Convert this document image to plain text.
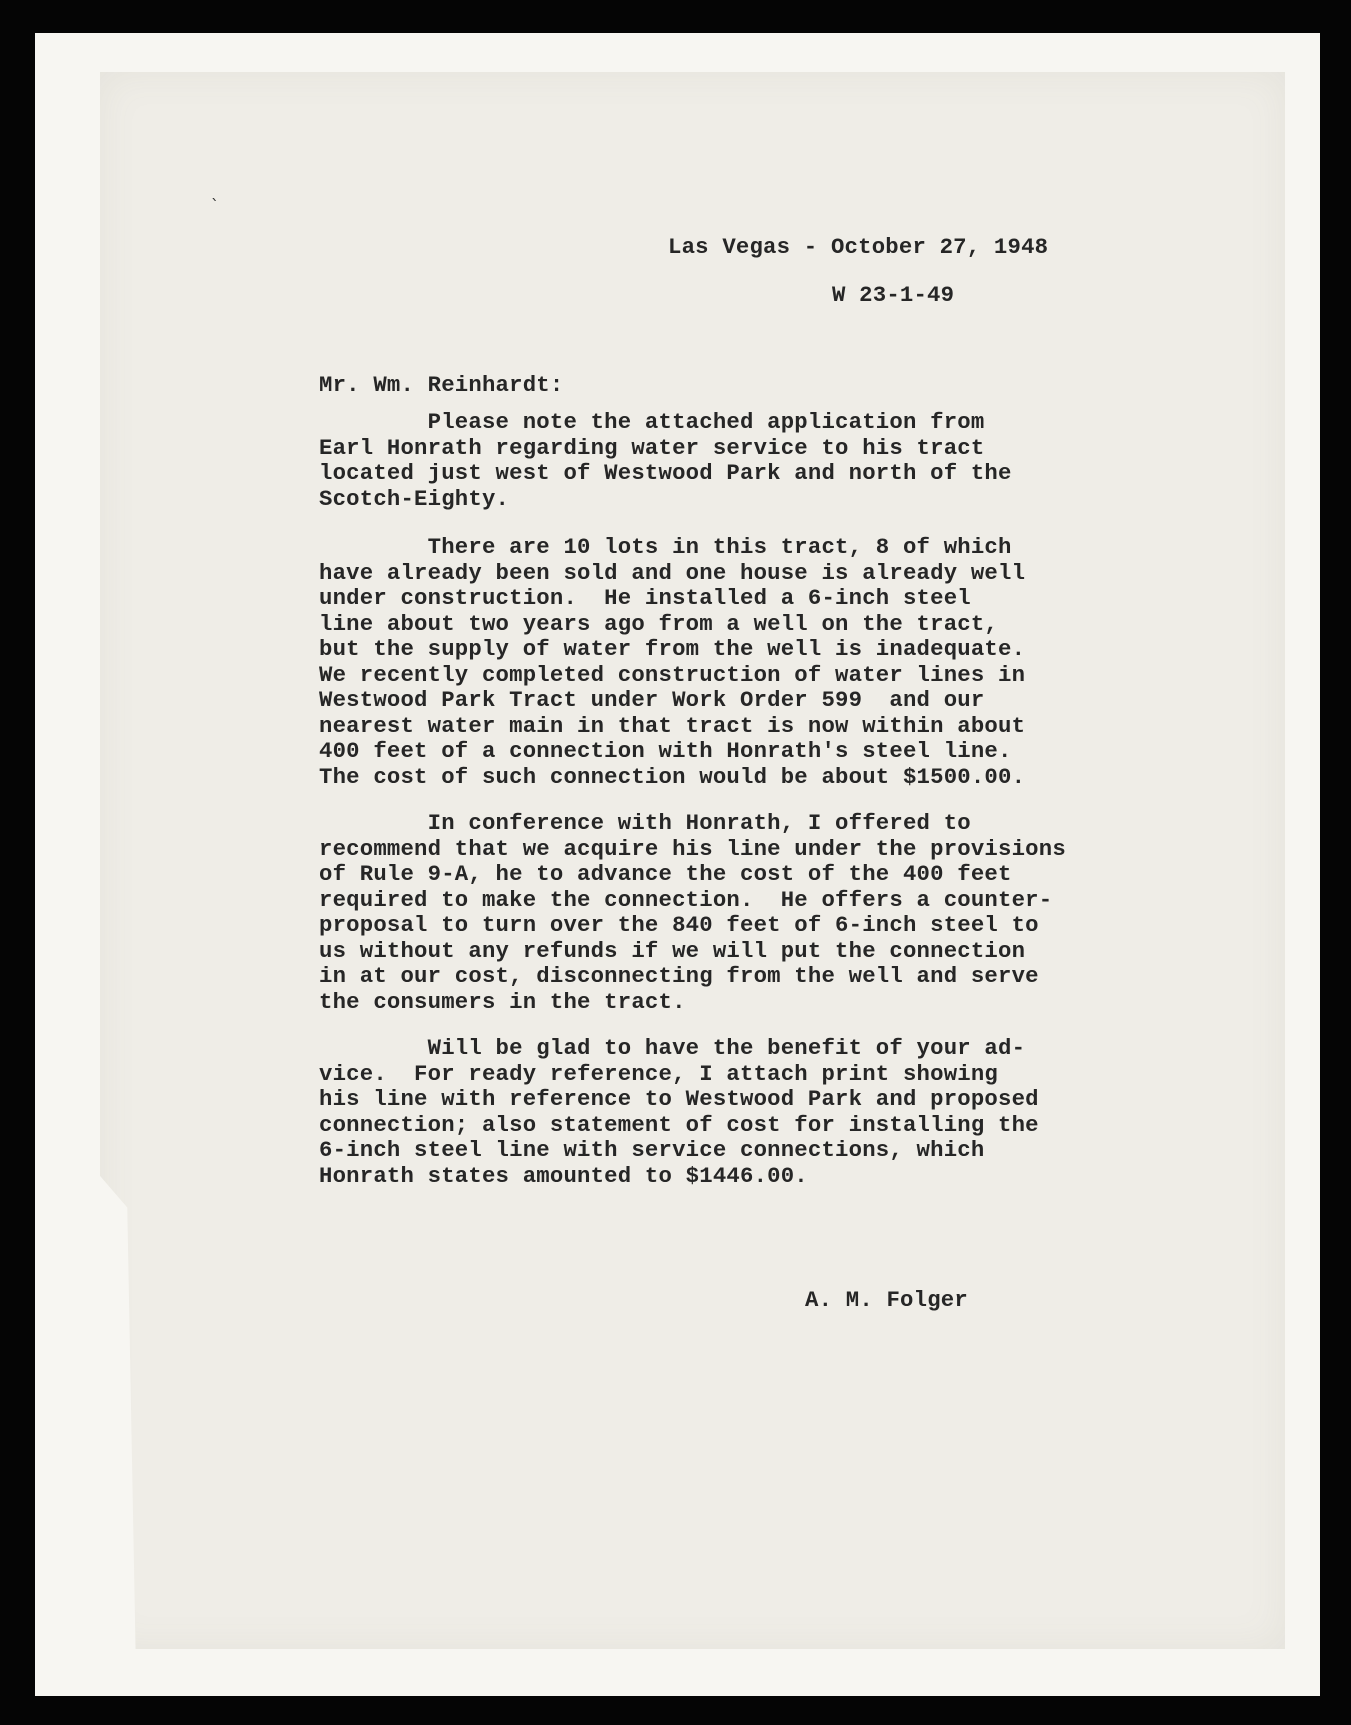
ˎ
Las Vegas - October 27, 1948
W 23-1-49
Mr. Wm. Reinhardt:
Please note the attached application from
Earl Honrath regarding water service to his tract
located just west of Westwood Park and north of the
Scotch-Eighty.
There are 10 lots in this tract, 8 of which
have already been sold and one house is already well
under construction.  He installed a 6-inch steel
line about two years ago from a well on the tract,
but the supply of water from the well is inadequate.
We recently completed construction of water lines in
Westwood Park Tract under Work Order 599  and our
nearest water main in that tract is now within about
400 feet of a connection with Honrath's steel line.
The cost of such connection would be about $1500.00.
In conference with Honrath, I offered to
recommend that we acquire his line under the provisions
of Rule 9-A, he to advance the cost of the 400 feet
required to make the connection.  He offers a counter-
proposal to turn over the 840 feet of 6-inch steel to
us without any refunds if we will put the connection
in at our cost, disconnecting from the well and serve
the consumers in the tract.
Will be glad to have the benefit of your ad-
vice.  For ready reference, I attach print showing
his line with reference to Westwood Park and proposed
connection; also statement of cost for installing the
6-inch steel line with service connections, which
Honrath states amounted to $1446.00.
A. M. Folger
